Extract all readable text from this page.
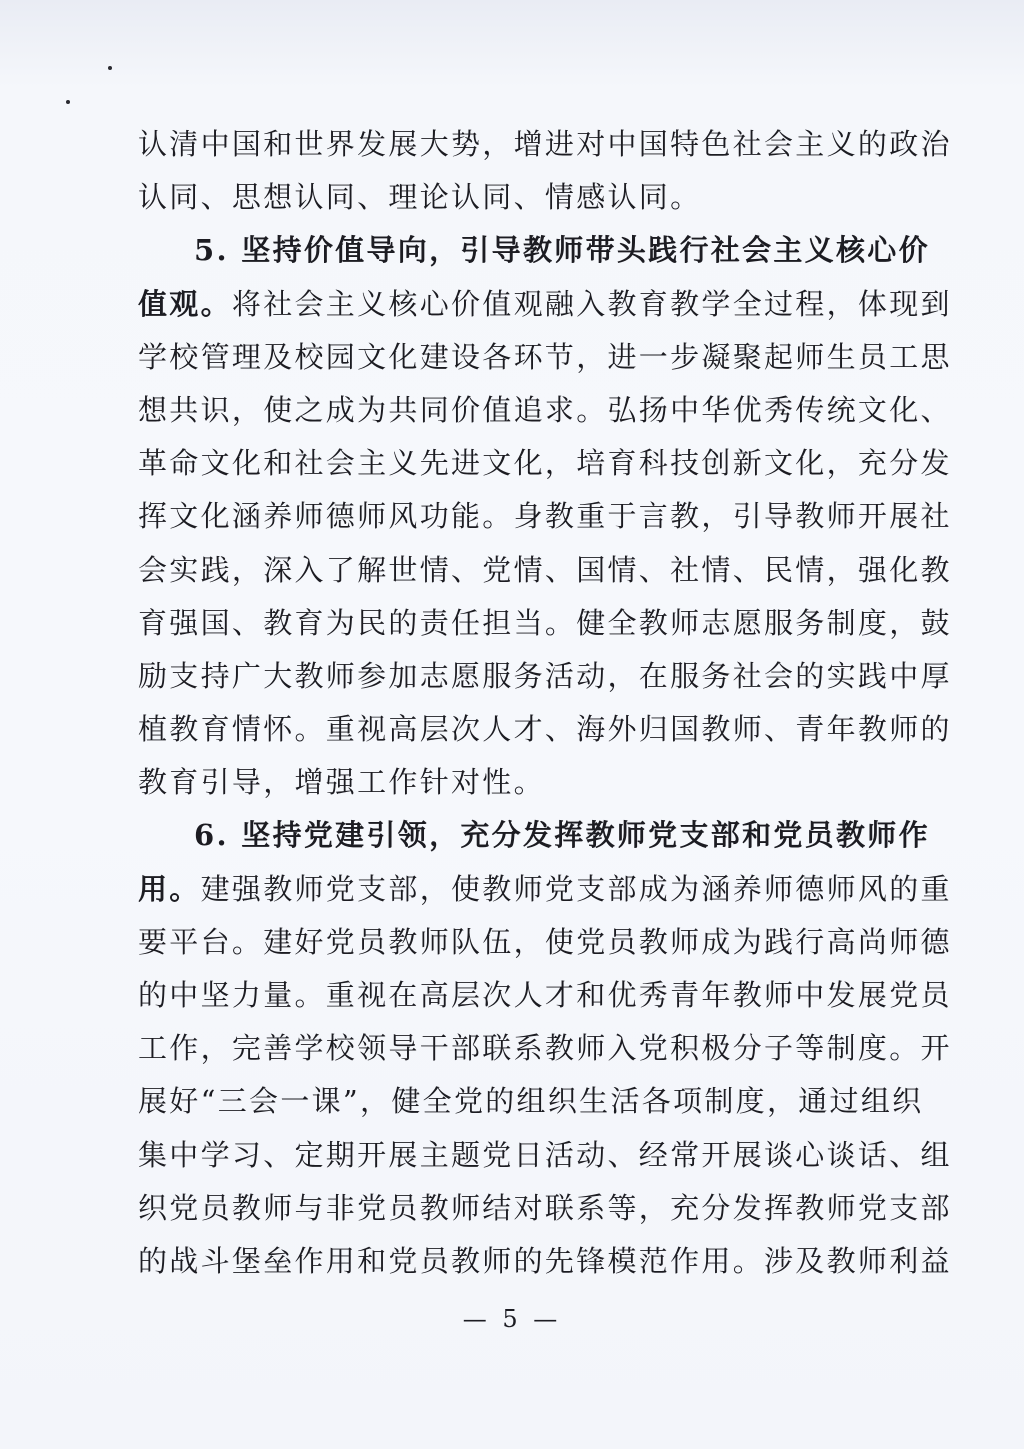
认清中国和世界发展大势，增进对中国特色社会主义的政治
认同、思想认同、理论认同、情感认同。
5. 坚持价值导向，引导教师带头践行社会主义核心价
值观。将社会主义核心价值观融入教育教学全过程，体现到
学校管理及校园文化建设各环节，进一步凝聚起师生员工思
想共识，使之成为共同价值追求。弘扬中华优秀传统文化、
革命文化和社会主义先进文化，培育科技创新文化，充分发
挥文化涵养师德师风功能。身教重于言教，引导教师开展社
会实践，深入了解世情、党情、国情、社情、民情，强化教
育强国、教育为民的责任担当。健全教师志愿服务制度，鼓
励支持广大教师参加志愿服务活动，在服务社会的实践中厚
植教育情怀。重视高层次人才、海外归国教师、青年教师的
教育引导，增强工作针对性。
6. 坚持党建引领，充分发挥教师党支部和党员教师作
用。建强教师党支部，使教师党支部成为涵养师德师风的重
要平台。建好党员教师队伍，使党员教师成为践行高尚师德
的中坚力量。重视在高层次人才和优秀青年教师中发展党员
工作，完善学校领导干部联系教师入党积极分子等制度。开
展好“三会一课”，健全党的组织生活各项制度，通过组织
集中学习、定期开展主题党日活动、经常开展谈心谈话、组
织党员教师与非党员教师结对联系等，充分发挥教师党支部
的战斗堡垒作用和党员教师的先锋模范作用。涉及教师利益
— 5 —
